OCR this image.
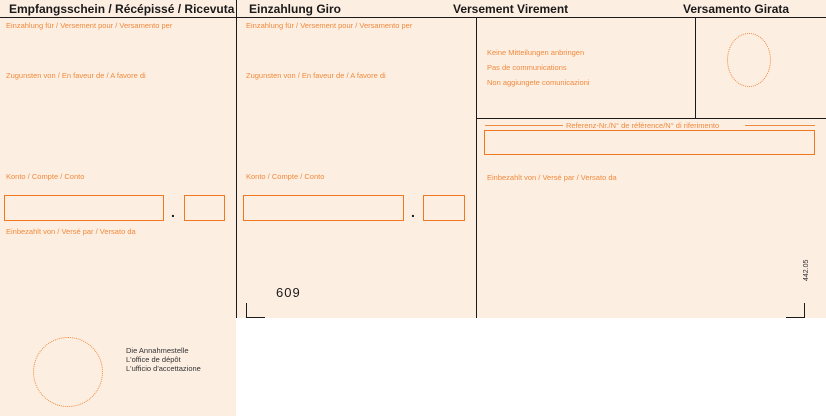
Empfangsschein / Récépissé / Ricevuta Einzahlung Giro	Versement Virement	Versamento Girata
Einzahlung für / Versement pour / Versamento per
Zugunsten von / En faveur de / A favore di
Konto / Compte / Conto
.
Einbezahlt von / Versé par / Versato da
Die Annahmestelle
L'office de dépôt
L'ufficio d'accettazione
Einzahlung für / Versement pour / Versamento per
Zugunsten von / En faveur de / A favore di
Konto / Compte / Conto
.
609
Keine Mitteilungen anbringen
Pas de communications
Non aggiungete comunicazioni
Referenz-Nr./N° de référence/N° di riferimento
Einbezahlt von / Versé par / Versato da
442.05
